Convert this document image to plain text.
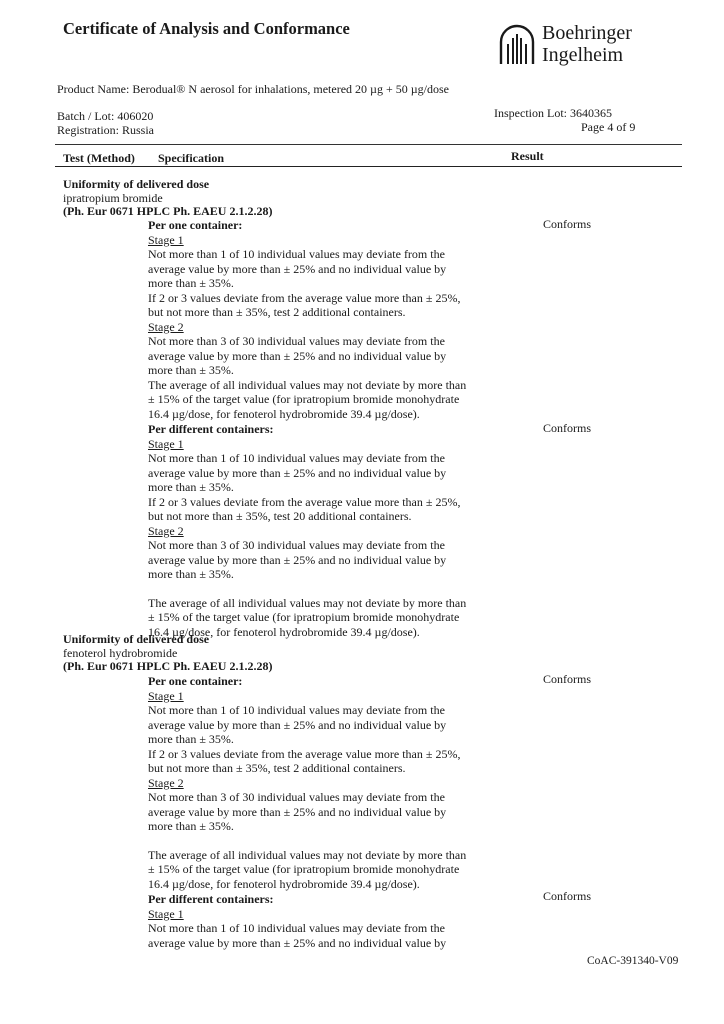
Certificate of Analysis and Conformance	Boehringer
Ingelheim
Product Name: Berodual® N aerosol for inhalations, metered 20 µg + 50 µg/dose
Batch / Lot: 406020
Registration: Russia
Inspection Lot: 3640365
Page 4 of 9
Test (Method) Specification	Result
Uniformity of delivered dose
ipratropium bromide
(Ph. Eur 0671 HPLC Ph. EAEU 2.1.2.28)
Per one container:
Stage 1
Not more than 1 of 10 individual values may deviate from the
average value by more than ± 25% and no individual value by
more than ± 35%.
If 2 or 3 values deviate from the average value more than ± 25%,
but not more than ± 35%, test 2 additional containers.
Stage 2
Not more than 3 of 30 individual values may deviate from the
average value by more than ± 25% and no individual value by
more than ± 35%.
The average of all individual values may not deviate by more than
± 15% of the target value (for ipratropium bromide monohydrate
16.4 µg/dose, for fenoterol hydrobromide 39.4 µg/dose).
Conforms
Per different containers:
Stage 1
Not more than 1 of 10 individual values may deviate from the
average value by more than ± 25% and no individual value by
more than ± 35%.
If 2 or 3 values deviate from the average value more than ± 25%,
but not more than ± 35%, test 20 additional containers.
Stage 2
Not more than 3 of 30 individual values may deviate from the
average value by more than ± 25% and no individual value by
more than ± 35%.
The average of all individual values may not deviate by more than
± 15% of the target value (for ipratropium bromide monohydrate
16.4 µg/dose, for fenoterol hydrobromide 39.4 µg/dose).
Conforms
Uniformity of delivered dose
fenoterol hydrobromide
(Ph. Eur 0671 HPLC Ph. EAEU 2.1.2.28)
Per one container:
Stage 1
Not more than 1 of 10 individual values may deviate from the
average value by more than ± 25% and no individual value by
more than ± 35%.
If 2 or 3 values deviate from the average value more than ± 25%,
but not more than ± 35%, test 2 additional containers.
Stage 2
Not more than 3 of 30 individual values may deviate from the
average value by more than ± 25% and no individual value by
more than ± 35%.
The average of all individual values may not deviate by more than
± 15% of the target value (for ipratropium bromide monohydrate
16.4 µg/dose, for fenoterol hydrobromide 39.4 µg/dose).
Conforms
Per different containers:
Stage 1
Not more than 1 of 10 individual values may deviate from the
average value by more than ± 25% and no individual value by
Conforms
CoAC-391340-V09
